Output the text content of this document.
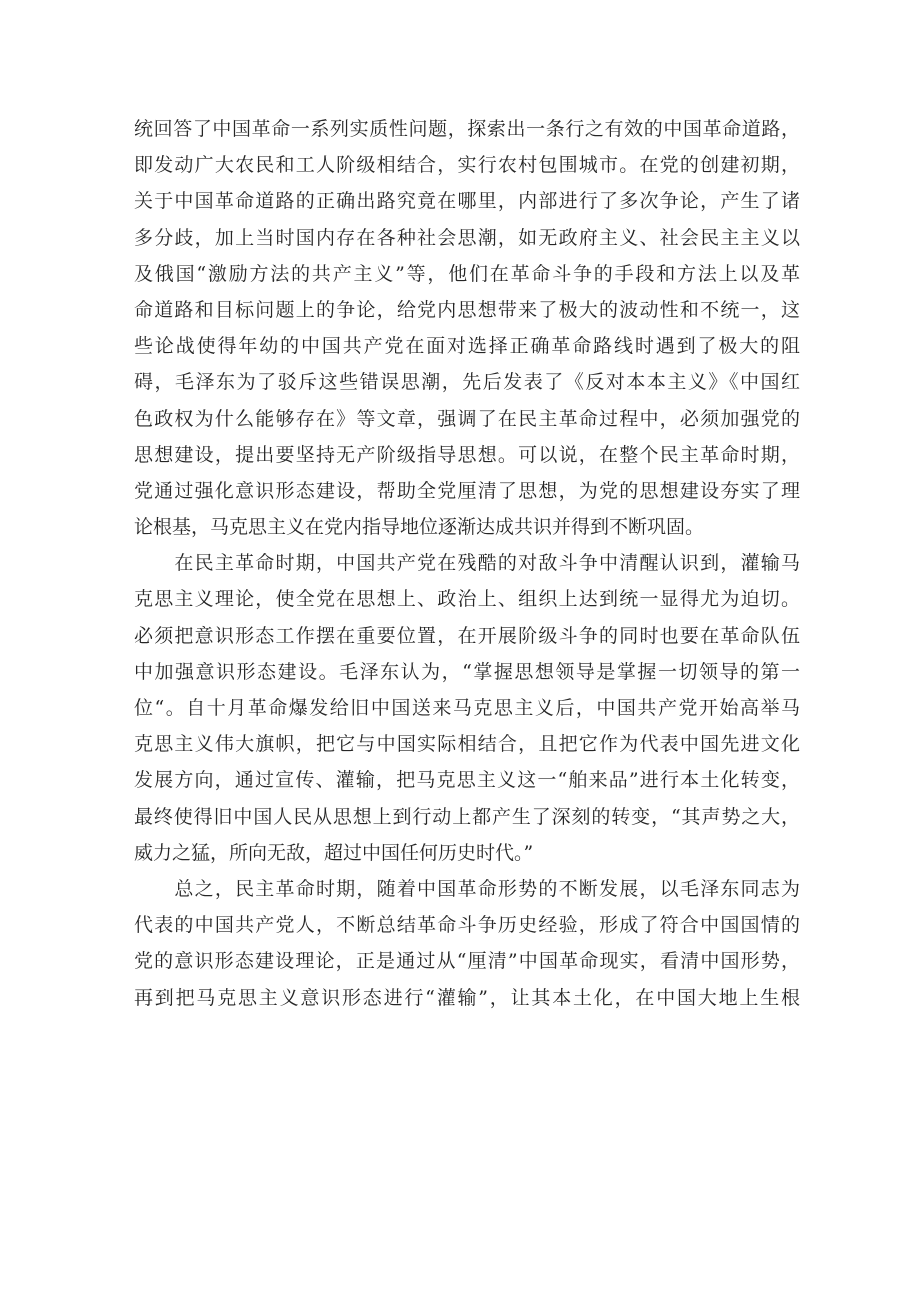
统回答了中国革命一系列实质性问题，探索出一条行之有效的中国革命道路，
即发动广大农民和工人阶级相结合，实行农村包围城市。在党的创建初期，
关于中国革命道路的正确出路究竟在哪里，内部进行了多次争论，产生了诸
多分歧，加上当时国内存在各种社会思潮，如无政府主义、社会民主主义以
及俄国“激励方法的共产主义”等，他们在革命斗争的手段和方法上以及革
命道路和目标问题上的争论，给党内思想带来了极大的波动性和不统一，这
些论战使得年幼的中国共产党在面对选择正确革命路线时遇到了极大的阻
碍，毛泽东为了驳斥这些错误思潮，先后发表了《反对本本主义》《中国红
色政权为什么能够存在》等文章，强调了在民主革命过程中，必须加强党的
思想建设，提出要坚持无产阶级指导思想。可以说，在整个民主革命时期，
党通过强化意识形态建设，帮助全党厘清了思想，为党的思想建设夯实了理
论根基，马克思主义在党内指导地位逐渐达成共识并得到不断巩固。
　　在民主革命时期，中国共产党在残酷的对敌斗争中清醒认识到，灌输马
克思主义理论，使全党在思想上、政治上、组织上达到统一显得尤为迫切。
必须把意识形态工作摆在重要位置，在开展阶级斗争的同时也要在革命队伍
中加强意识形态建设。毛泽东认为，“掌握思想领导是掌握一切领导的第一
位“。自十月革命爆发给旧中国送来马克思主义后，中国共产党开始高举马
克思主义伟大旗帜，把它与中国实际相结合，且把它作为代表中国先进文化
发展方向，通过宣传、灌输，把马克思主义这一“舶来品”进行本土化转变，
最终使得旧中国人民从思想上到行动上都产生了深刻的转变，“其声势之大，
威力之猛，所向无敌，超过中国任何历史时代。”
　　总之，民主革命时期，随着中国革命形势的不断发展，以毛泽东同志为
代表的中国共产党人，不断总结革命斗争历史经验，形成了符合中国国情的
党的意识形态建设理论，正是通过从“厘清”中国革命现实，看清中国形势，
再到把马克思主义意识形态进行“灌输”，让其本土化，在中国大地上生根
